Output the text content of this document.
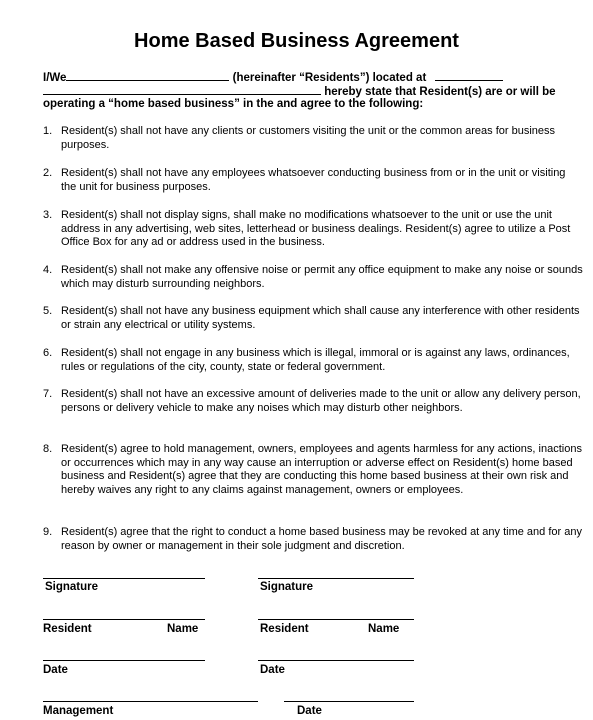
Home Based Business Agreement
I/We	(hereinafter “Residents”) located at
hereby state that Resident(s) are or will be
operating a “home based business” in the and agree to the following:
1. Resident(s) shall not have any clients or customers visiting the unit or the common areas for business purposes.
2. Resident(s) shall not have any employees whatsoever conducting business from or in the unit or visiting the unit for business purposes.
3. Resident(s) shall not display signs, shall make no modifications whatsoever to the unit or use the unit address in any advertising, web sites, letterhead or business dealings. Resident(s) agree to utilize a Post Office Box for any ad or address used in the business.
4. Resident(s) shall not make any offensive noise or permit any office equipment to make any noise or sounds which may disturb surrounding neighbors.
5. Resident(s) shall not have any business equipment which shall cause any interference with other residents or strain any electrical or utility systems.
6. Resident(s) shall not engage in any business which is illegal, immoral or is against any laws, ordinances, rules or regulations of the city, county, state or federal government.
7. Resident(s) shall not have an excessive amount of deliveries made to the unit or allow any delivery person, persons or delivery vehicle to make any noises which may disturb other neighbors.
8. Resident(s) agree to hold management, owners, employees and agents harmless for any actions, inactions or occurrences which may in any way cause an interruption or adverse effect on Resident(s) home based business and Resident(s) agree that they are conducting this home based business at their own risk and hereby waives any right to any claims against management, owners or employees.
9. Resident(s) agree that the right to conduct a home based business may be revoked at any time and for any reason by owner or management in their sole judgment and discretion.
Signature	Signature
Resident	Name	Resident	Name
Date	Date
Management	Date
